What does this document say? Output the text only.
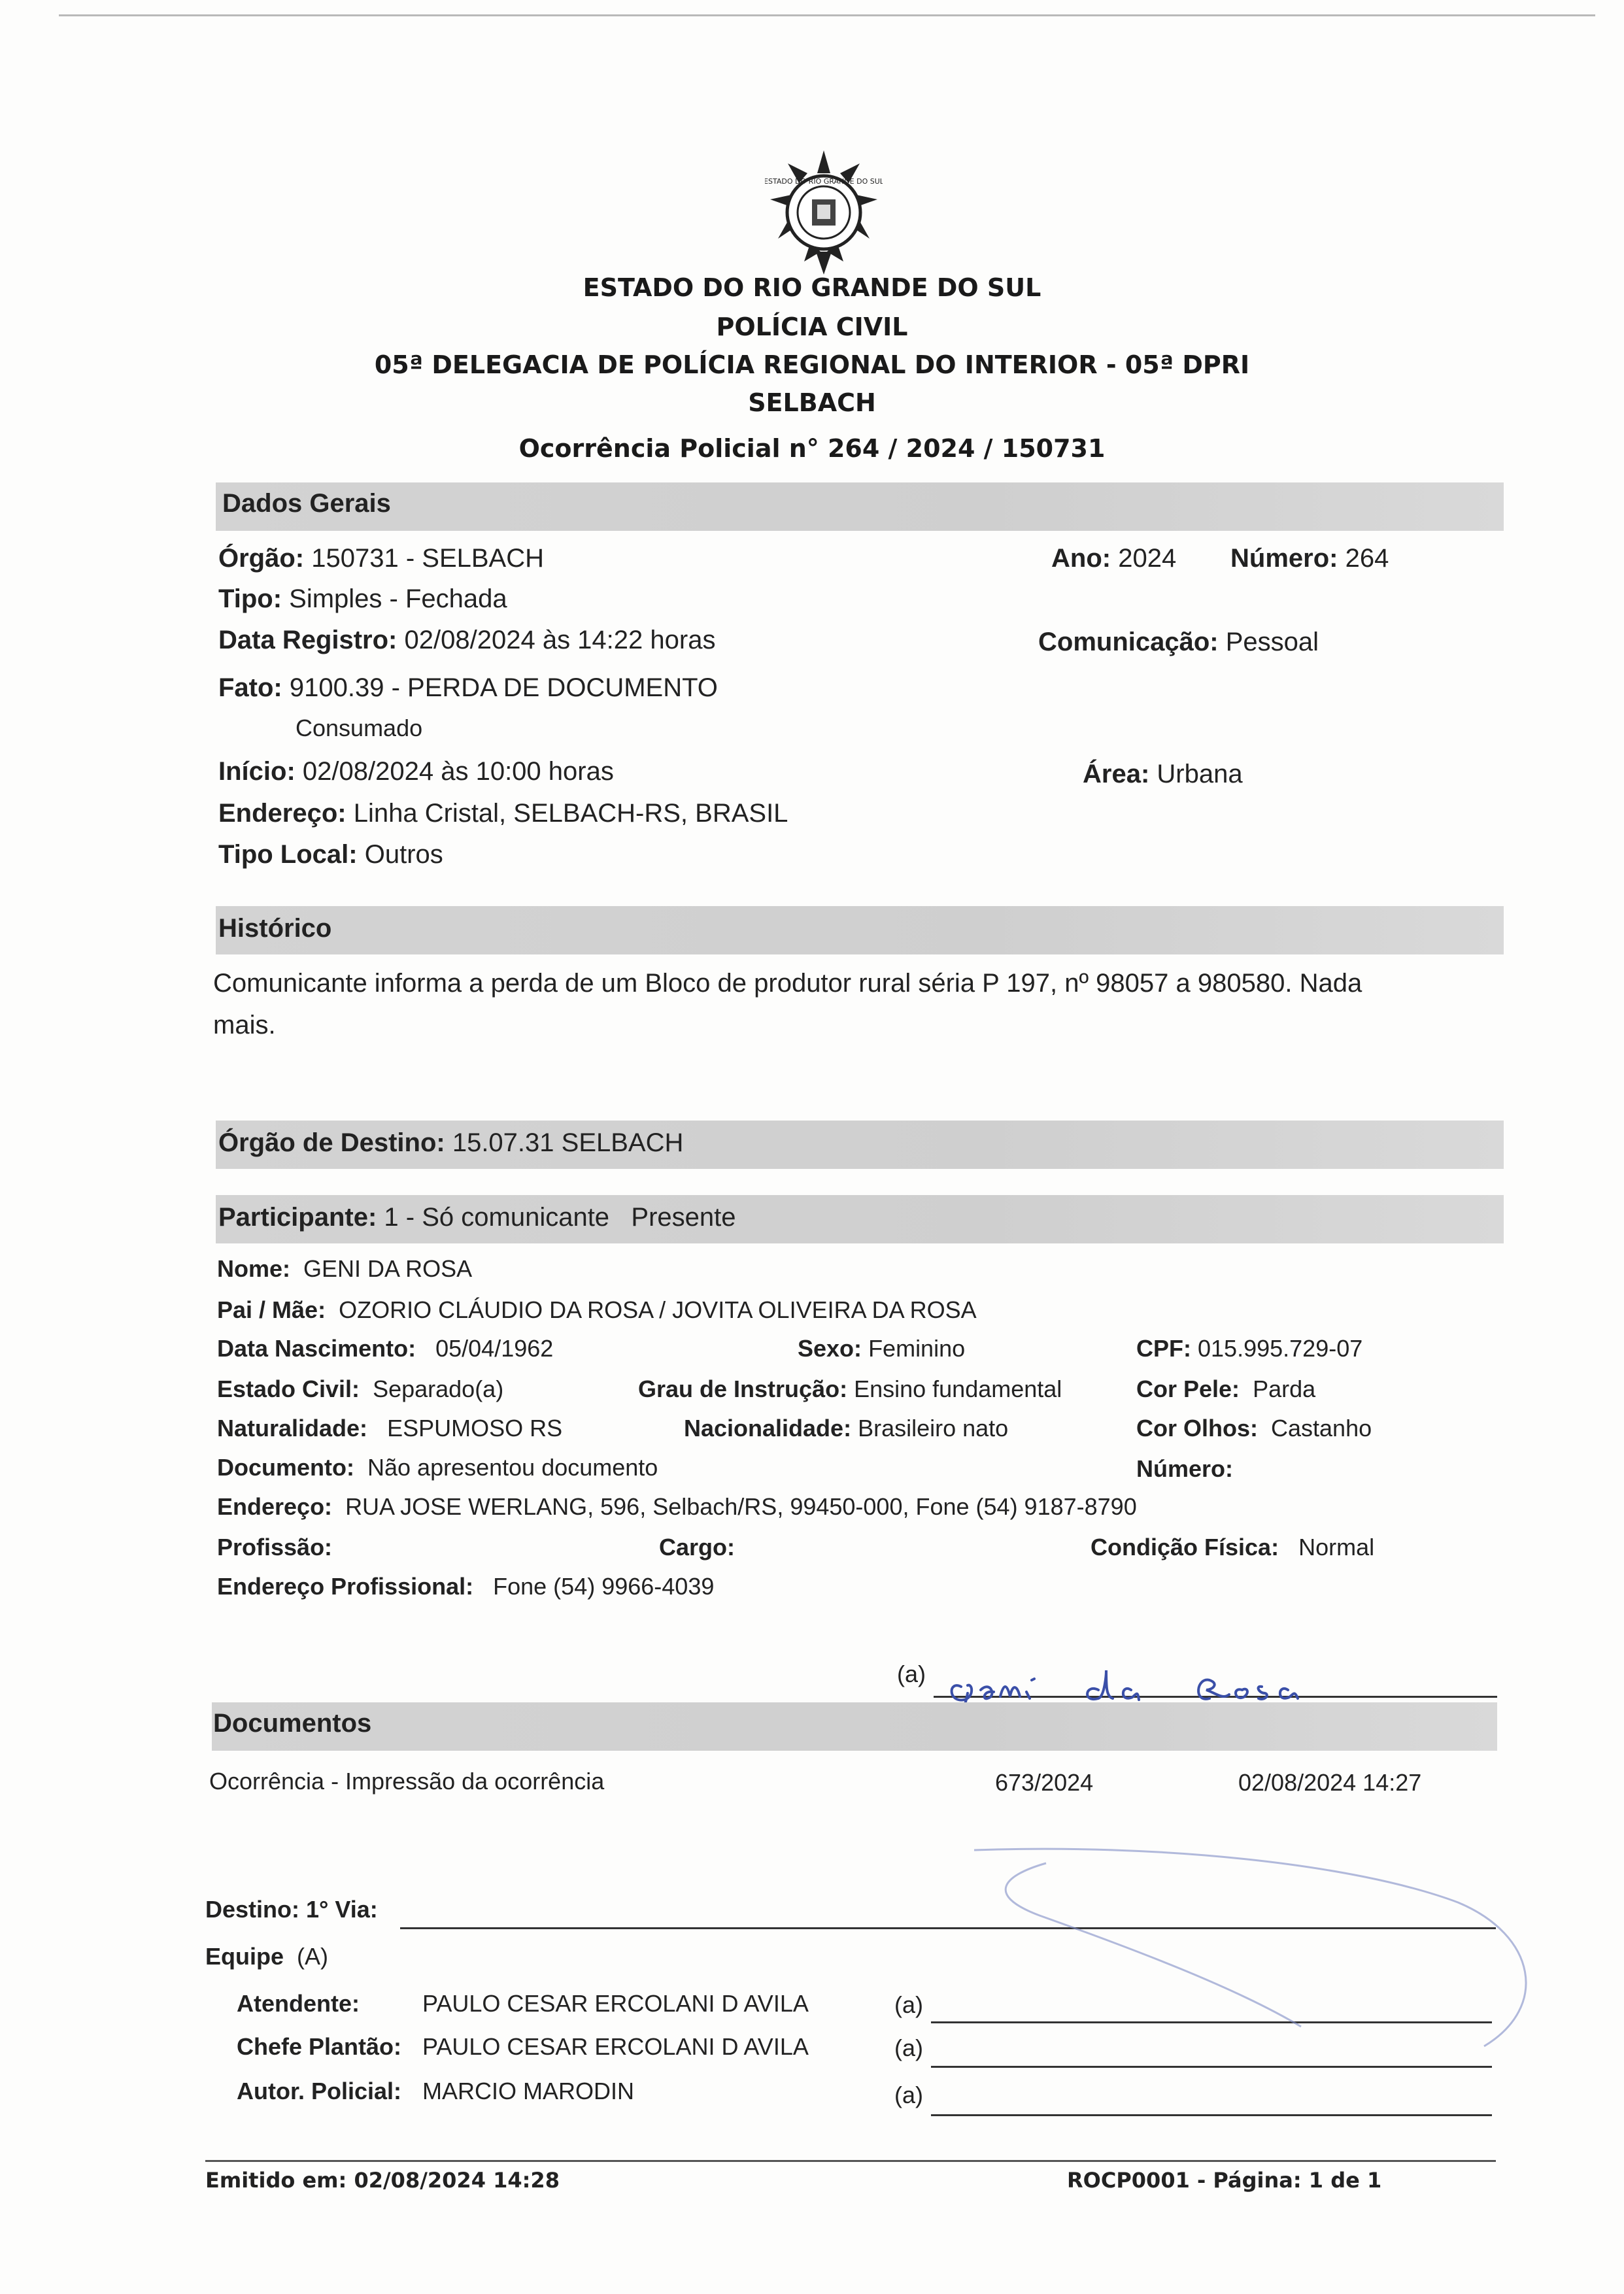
ESTADO DO RIO GRANDE DO SUL
ESTADO DO RIO GRANDE DO SUL
POLÍCIA CIVIL
05ª DELEGACIA DE POLÍCIA REGIONAL DO INTERIOR - 05ª DPRI
SELBACH
Ocorrência Policial n° 264 / 2024 / 150731
Dados Gerais
Órgão: 150731 - SELBACH
Tipo: Simples - Fechada
Data Registro: 02/08/2024 às 14:22 horas
Fato: 9100.39 - PERDA DE DOCUMENTO
Consumado
Início: 02/08/2024 às 10:00 horas
Endereço: Linha Cristal, SELBACH-RS, BRASIL
Tipo Local: Outros
Ano: 2024 Número: 264
Comunicação: Pessoal
Área: Urbana
Histórico
Comunicante informa a perda de um Bloco de produtor rural séria P 197, nº 98057 a 980580. Nada
mais.
Órgão de Destino: 15.07.31 SELBACH
Participante: 1 - Só comunicante Presente
Nome: GENI DA ROSA
Pai / Mãe: OZORIO CLÁUDIO DA ROSA / JOVITA OLIVEIRA DA ROSA
Data Nascimento: 05/04/1962	Sexo: Feminino	CPF: 015.995.729-07
Estado Civil: Separado(a)	Grau de Instrução: Ensino fundamental	Cor Pele: Parda
Naturalidade: ESPUMOSO RS	Nacionalidade: Brasileiro nato	Cor Olhos: Castanho
Documento: Não apresentou documento	Número:
Endereço: RUA JOSE WERLANG, 596, Selbach/RS, 99450-000, Fone (54) 9187-8790
Profissão:	Cargo:	Condição Física: Normal
Endereço Profissional: Fone (54) 9966-4039
(a)
Documentos
Ocorrência - Impressão da ocorrência	673/2024	02/08/2024 14:27
Destino: 1° Via:
Equipe (A)
Atendente:	PAULO CESAR ERCOLANI D AVILA	(a)
Chefe Plantão: PAULO CESAR ERCOLANI D AVILA	(a)
Autor. Policial: MARCIO MARODIN	(a)
Emitido em: 02/08/2024 14:28	ROCP0001 - Página: 1 de 1
